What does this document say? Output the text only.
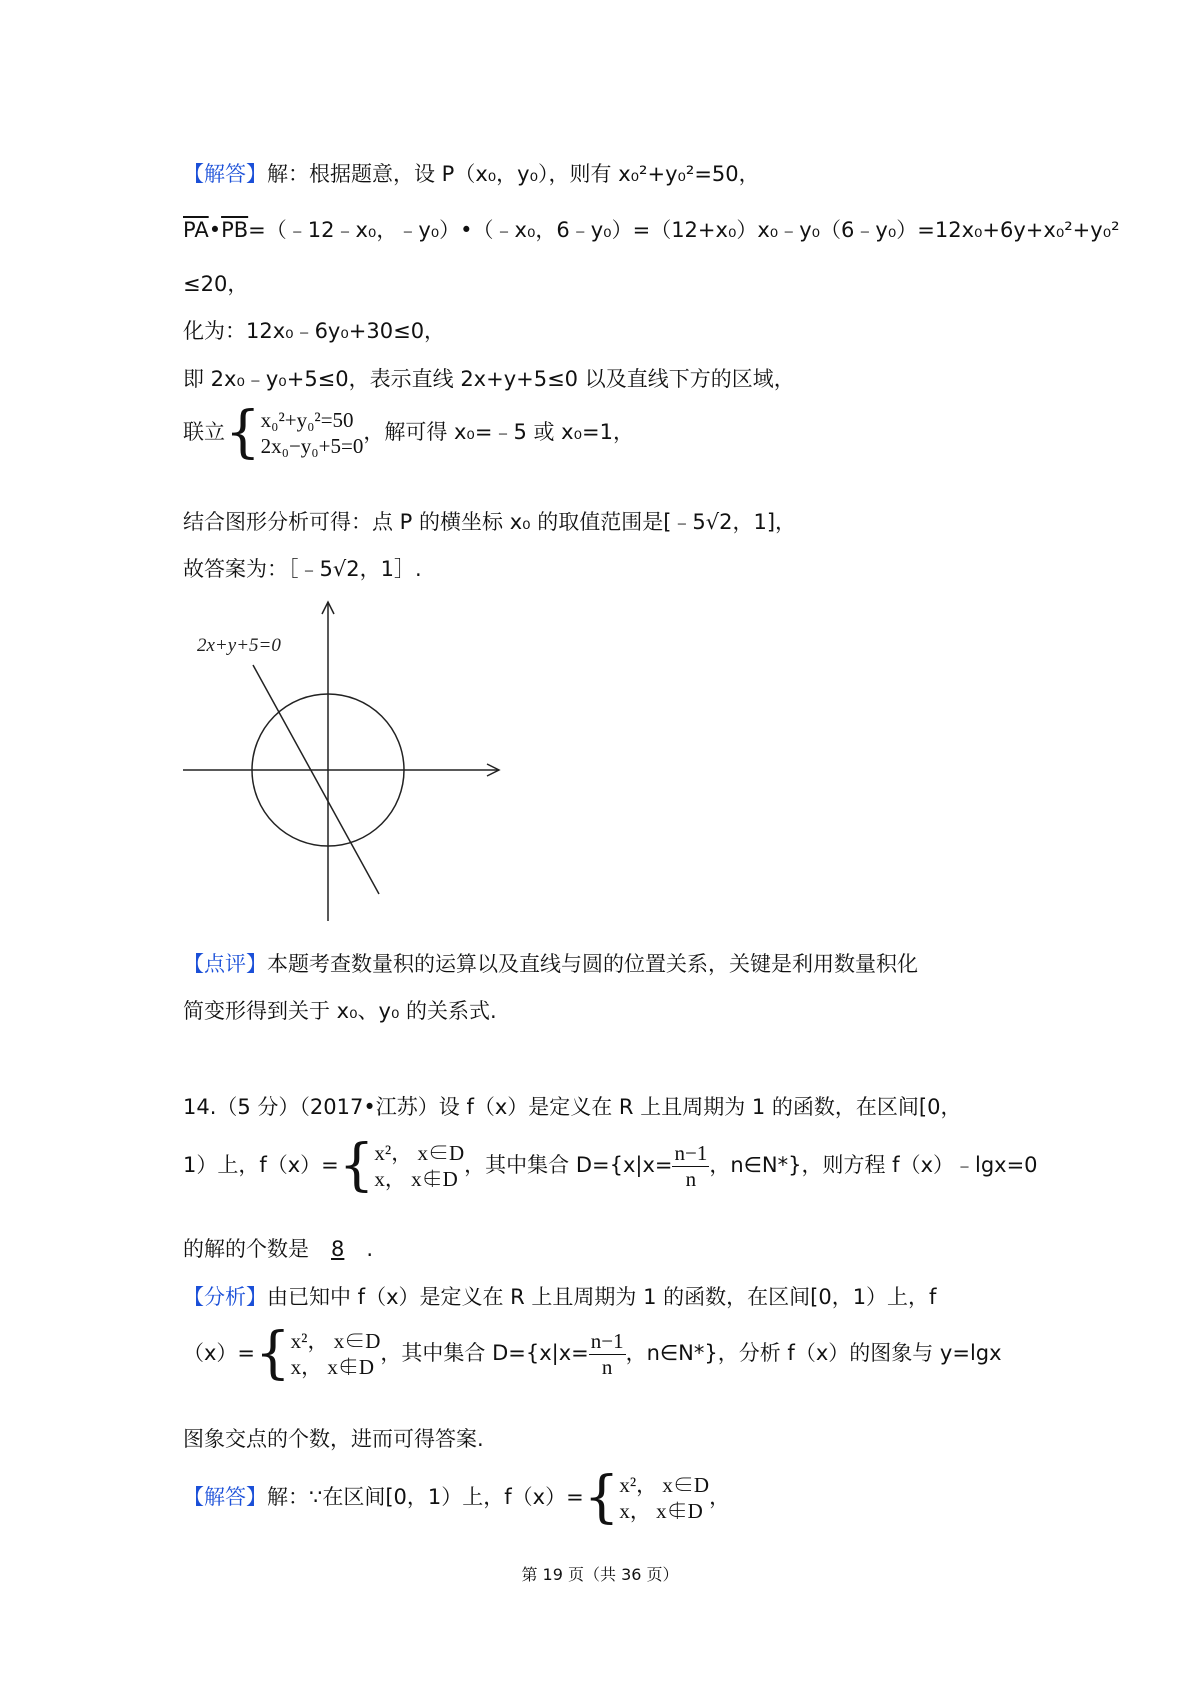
【解答】解：根据题意，设 P（x₀，y₀），则有 x₀²+y₀²=50，
$\overline{PA}•\overline{PB}=(﹣12﹣x_0$，﹣y₀）•（﹣x₀，6﹣y₀）=（12+x₀）x₀﹣y₀（6﹣y₀）=12x₀+6y+x₀²+y₀²
≤20，
化为：12x₀﹣6y₀+30≤0，
即 2x₀﹣y₀+5≤0，表示直线 2x+y+5≤0 以及直线下方的区域，
联立 { x₀²+y₀²=50
2x₀−y₀+5=0
，解可得 x₀=﹣5 或 x₀=1，
结合图形分析可得：点 P 的横坐标 x₀ 的取值范围是[﹣5√2，1]，
故答案为：［﹣5√2，1］.
2x+y+5=0
【点评】本题考查数量积的运算以及直线与圆的位置关系，关键是利用数量积化
简变形得到关于 x₀、y₀ 的关系式.
14.（5 分）（2017•江苏）设 f（x）是定义在 R 上且周期为 1 的函数，在区间[0，
1）上，f（x）= { x²， x∈D
x， x∉D
，其中集合 $D=\{x|x= \frac{n-1}{n}$ ，n∈N*}，则方程 f（x）﹣lgx=0
的解的个数是 8 .
【分析】由已知中 f（x）是定义在 R 上且周期为 1 的函数，在区间[0，1）上，f
（x）= { x²， x∈D
x， x∉D
，其中集合 $D=\{x|x= \frac{n-1}{n}$ ，n∈N*}，分析 f（x）的图象与 y=lgx
图象交点的个数，进而可得答案.
【解答】解：∵在区间[0，1）上，f（x）= { x²， x∈D
x， x∉D
，
第 19 页（共 36 页）
